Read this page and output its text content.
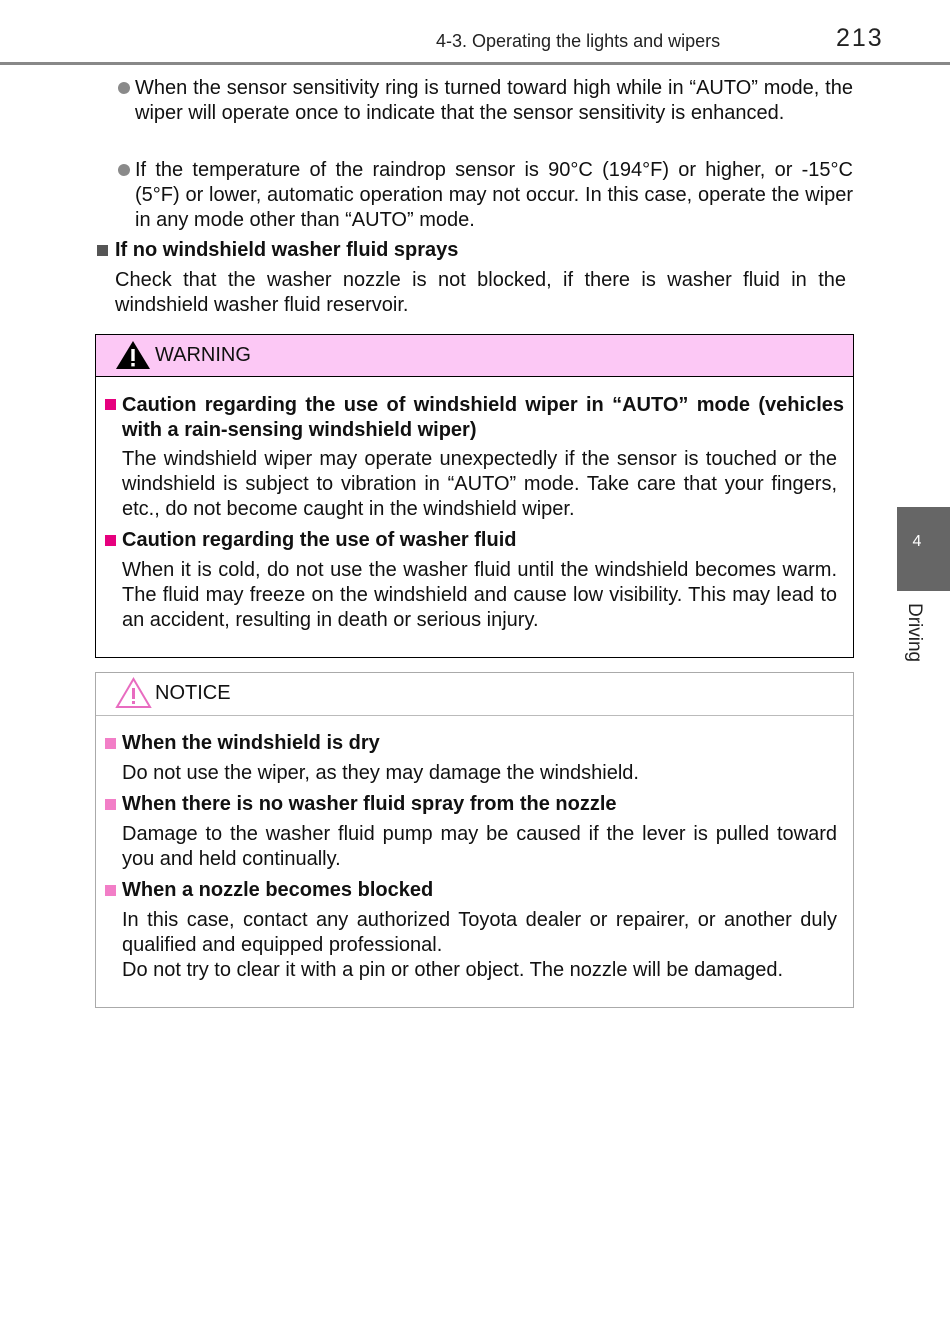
4-3. Operating the lights and wipers	213
When the sensor sensitivity ring is turned toward high while in “AUTO” mode, the wiper will operate once to indicate that the sensor sensitivity is enhanced.
If the temperature of the raindrop sensor is 90°C (194°F) or higher, or -15°C (5°F) or lower, automatic operation may not occur. In this case, operate the wiper in any mode other than “AUTO” mode.
If no windshield washer fluid sprays
Check that the washer nozzle is not blocked, if there is washer fluid in the windshield washer fluid reservoir.
WARNING
Caution regarding the use of windshield wiper in “AUTO” mode (vehicles with a rain-sensing windshield wiper)
The windshield wiper may operate unexpectedly if the sensor is touched or the windshield is subject to vibration in “AUTO” mode. Take care that your fingers, etc., do not become caught in the windshield wiper.
Caution regarding the use of washer fluid
When it is cold, do not use the washer fluid until the windshield becomes warm. The fluid may freeze on the windshield and cause low visibility. This may lead to an accident, resulting in death or serious injury.
NOTICE
When the windshield is dry
Do not use the wiper, as they may damage the windshield.
When there is no washer fluid spray from the nozzle
Damage to the washer fluid pump may be caused if the lever is pulled toward you and held continually.
When a nozzle becomes blocked
In this case, contact any authorized Toyota dealer or repairer, or another duly qualified and equipped professional.
Do not try to clear it with a pin or other object. The nozzle will be damaged.
4
Driving
